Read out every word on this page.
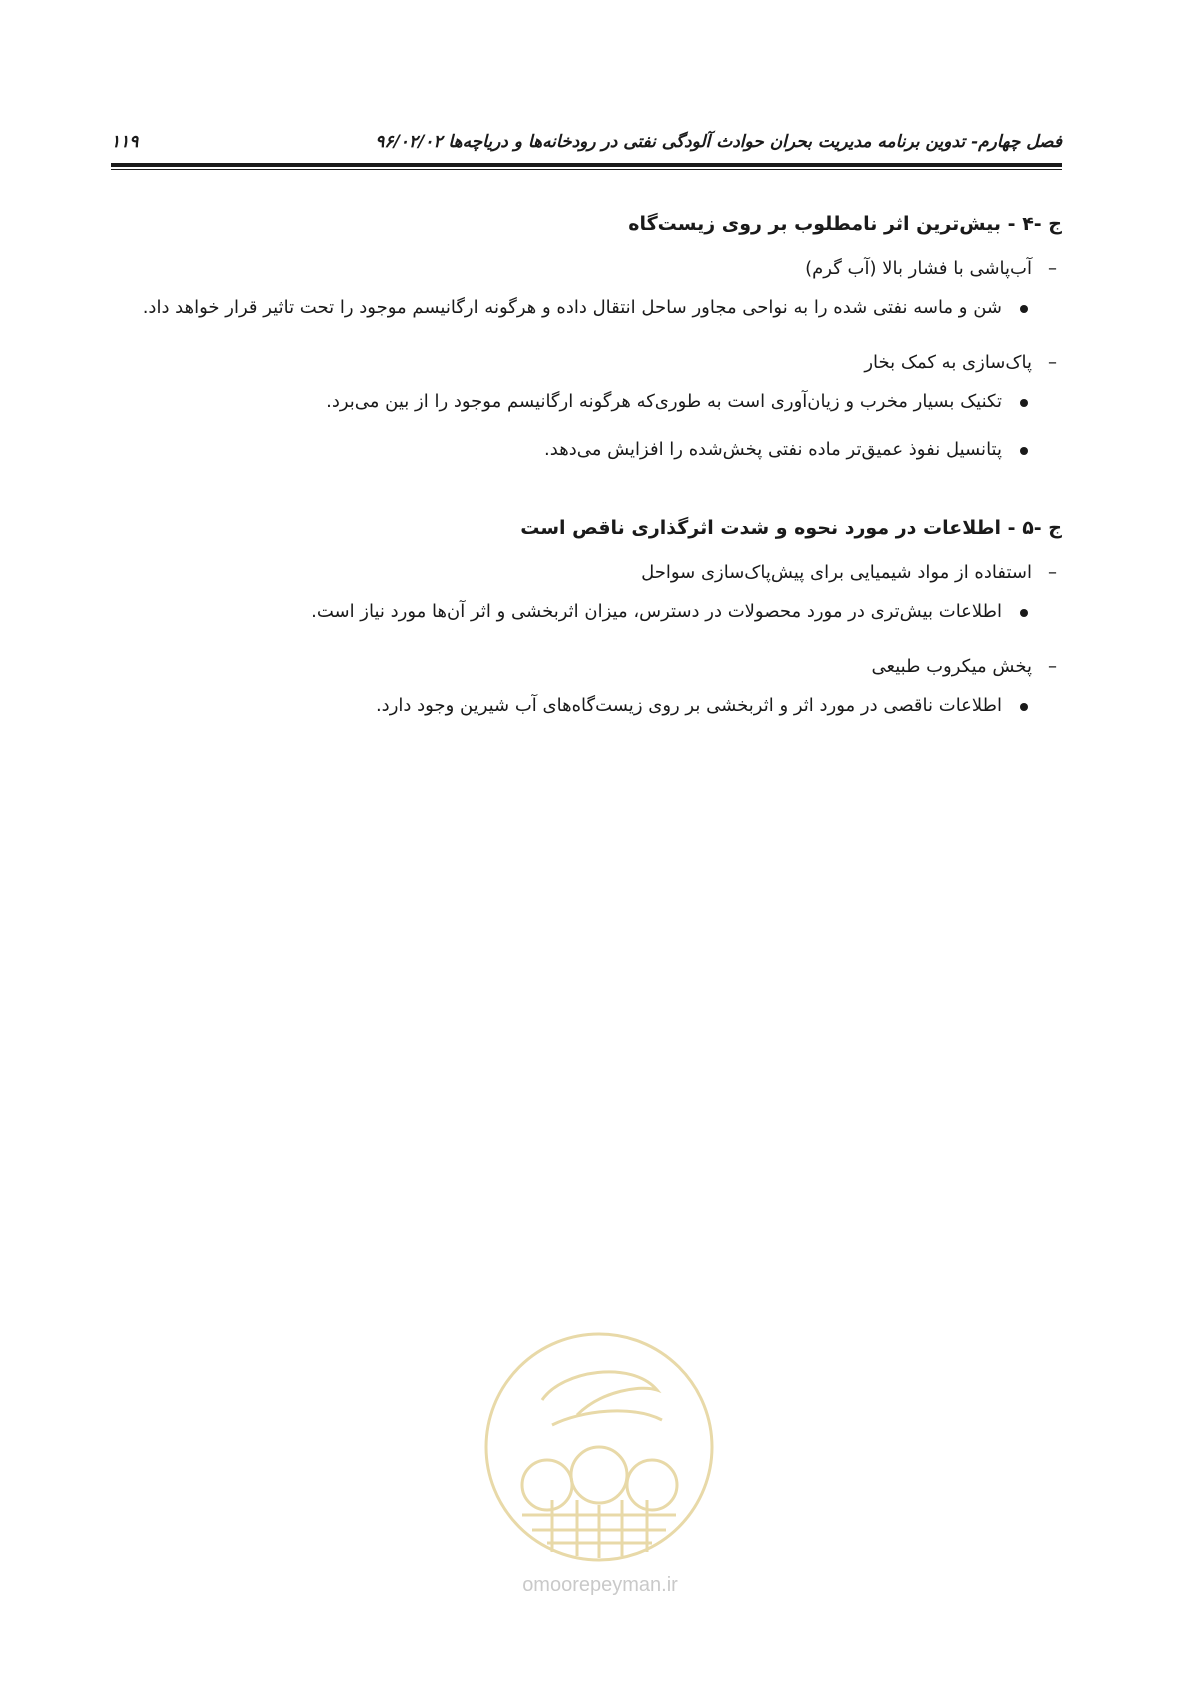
فصل چهارم- تدوین برنامه مدیریت بحران حوادث آلودگی نفتی در رودخانه‌ها و دریاچه‌ها ۹۶/۰۲/۰۲
۱۱۹
ج -۴ - بیش‌ترین اثر نامطلوب بر روی زیست‌گاه
– آب‌پاشی با فشار بالا (آب گرم)
شن و ماسه نفتی شده را به نواحی مجاور ساحل انتقال داده و هرگونه ارگانیسم موجود را تحت تاثیر قرار خواهد داد.
– پاک‌سازی به کمک بخار
تکنیک بسیار مخرب و زیان‌آوری است به طوری‌که هرگونه ارگانیسم موجود را از بین می‌برد.
پتانسیل نفوذ عمیق‌تر ماده نفتی پخش‌شده را افزایش می‌دهد.
ج -۵ - اطلاعات در مورد نحوه و شدت اثرگذاری ناقص است
– استفاده از مواد شیمیایی برای پیش‌پاک‌سازی سواحل
اطلاعات بیش‌تری در مورد محصولات در دسترس، میزان اثربخشی و اثر آن‌ها مورد نیاز است.
– پخش میکروب طبیعی
اطلاعات ناقصی در مورد اثر و اثربخشی بر روی زیست‌گاه‌های آب شیرین وجود دارد.
omoorepeyman.ir
